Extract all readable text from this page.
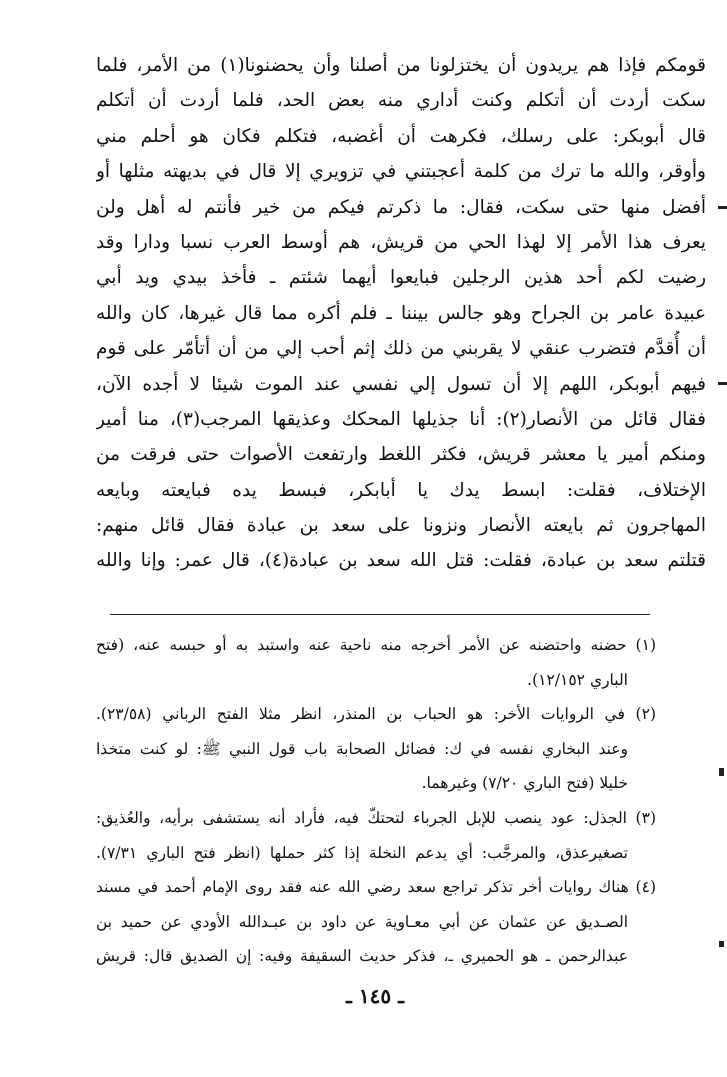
قومكم فإذا هم يريدون أن يختزلونا من أصلنا وأن يحضنونا(١) من الأمر، فلما
سكت أردت أن أتكلم وكنت أداري منه بعض الحد، فلما أردت أن أتكلم
قال أبوبكر: على رسلك، فكرهت أن أغضبه، فتكلم فكان هو أحلم مني
وأوقر، والله ما ترك من كلمة أعجبتني في تزويري إلا قال في بديهته مثلها أو
أفضل منها حتى سكت، فقال: ما ذكرتم فيكم من خير فأنتم له أهل ولن
يعرف هذا الأمر إلا لهذا الحي من قريش، هم أوسط العرب نسبا ودارا وقد
رضيت لكم أحد هذين الرجلين فبايعوا أيهما شئتم ـ فأخذ بيدي ويد أبي
عبيدة عامر بن الجراح وهو جالس بيننا ـ فلم أكره مما قال غيرها، كان والله
أن أُقدَّم فتضرب عنقي لا يقربني من ذلك إثم أحب إلي من أن أتأمّر على قوم
فيهم أبوبكر، اللهم إلا أن تسول إلي نفسي عند الموت شيئا لا أجده الآن،
فقال قائل من الأنصار(٢): أنا جذيلها المحكك وعذيقها المرجب(٣)، منا أمير
ومنكم أمير يا معشر قريش، فكثر اللغط وارتفعت الأصوات حتى فرقت من
الإختلاف، فقلت: ابسط يدك يا أبابكر، فبسط يده فبايعته وبايعه
المهاجرون ثم بايعته الأنصار ونزونا على سعد بن عبادة فقال قائل منهم:
قتلتم سعد بن عبادة، فقلت: قتل الله سعد بن عبادة(٤)، قال عمر: وإنا والله
(١) حضنه واحتضنه عن الأمر أخرجه منه ناحية عنه واستبد به أو حبسه عنه، (فتح
الباري ١٢/١٥٢).
(٢) في الروايات الأخر: هو الحباب بن المنذر، انظر مثلا الفتح الرباني (٢٣/٥٨).
وعند البخاري نفسه في ك: فضائل الصحابة باب قول النبي ﷺ: لو كنت متخذا
خليلا (فتح الباري ٧/٢٠) وغيرهما.
(٣) الجذل: عود ينصب للإبل الجرباء لتحتكّ فيه، فأراد أنه يستشفى برأيه، والعُذيق:
تصغيرعذق، والمرجَّب: أي يدعم النخلة إذا كثر حملها (انظر فتح الباري ٧/٣١).
(٤) هناك روايات أخر تذكر تراجع سعد رضي الله عنه فقد روى الإمام أحمد في مسند
الصـديق عن عثمان عن أبي معـاوية عن داود بن عبـدالله الأودي عن حميد بن
عبدالرحمن ـ هو الحميري ـ، فذكر حديث السقيفة وفيه: إن الصديق قال: قريش
ـ ١٤٥ ـ
